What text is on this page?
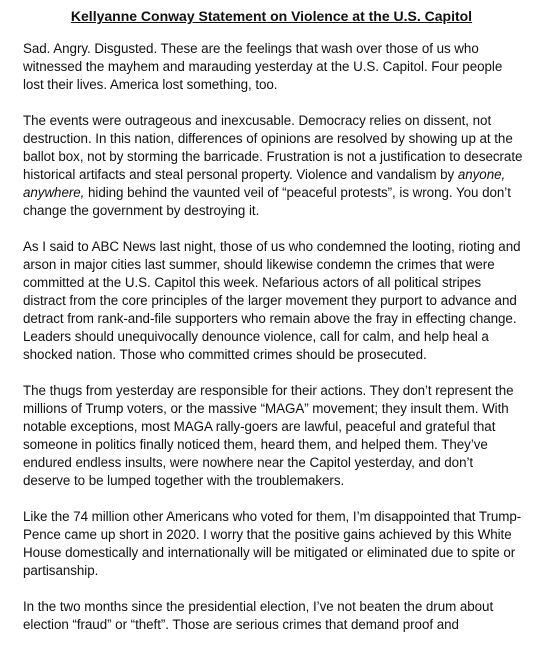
Kellyanne Conway Statement on Violence at the U.S. Capitol

Sad. Angry. Disgusted. These are the feelings that wash over those of us who witnessed the mayhem and marauding yesterday at the U.S. Capitol. Four people lost their lives. America lost something, too.

The events were outrageous and inexcusable. Democracy relies on dissent, not destruction. In this nation, differences of opinions are resolved by showing up at the ballot box, not by storming the barricade. Frustration is not a justification to desecrate historical artifacts and steal personal property. Violence and vandalism by anyone, anywhere, hiding behind the vaunted veil of “peaceful protests”, is wrong. You don’t change the government by destroying it.

As I said to ABC News last night, those of us who condemned the looting, rioting and arson in major cities last summer, should likewise condemn the crimes that were committed at the U.S. Capitol this week. Nefarious actors of all political stripes distract from the core principles of the larger movement they purport to advance and detract from rank-and-file supporters who remain above the fray in effecting change. Leaders should unequivocally denounce violence, call for calm, and help heal a shocked nation. Those who committed crimes should be prosecuted.

The thugs from yesterday are responsible for their actions. They don’t represent the millions of Trump voters, or the massive “MAGA” movement; they insult them. With notable exceptions, most MAGA rally-goers are lawful, peaceful and grateful that someone in politics finally noticed them, heard them, and helped them. They’ve endured endless insults, were nowhere near the Capitol yesterday, and don’t deserve to be lumped together with the troublemakers.

Like the 74 million other Americans who voted for them, I’m disappointed that Trump-Pence came up short in 2020. I worry that the positive gains achieved by this White House domestically and internationally will be mitigated or eliminated due to spite or partisanship.

In the two months since the presidential election, I’ve not beaten the drum about election “fraud” or “theft”. Those are serious crimes that demand proof and
